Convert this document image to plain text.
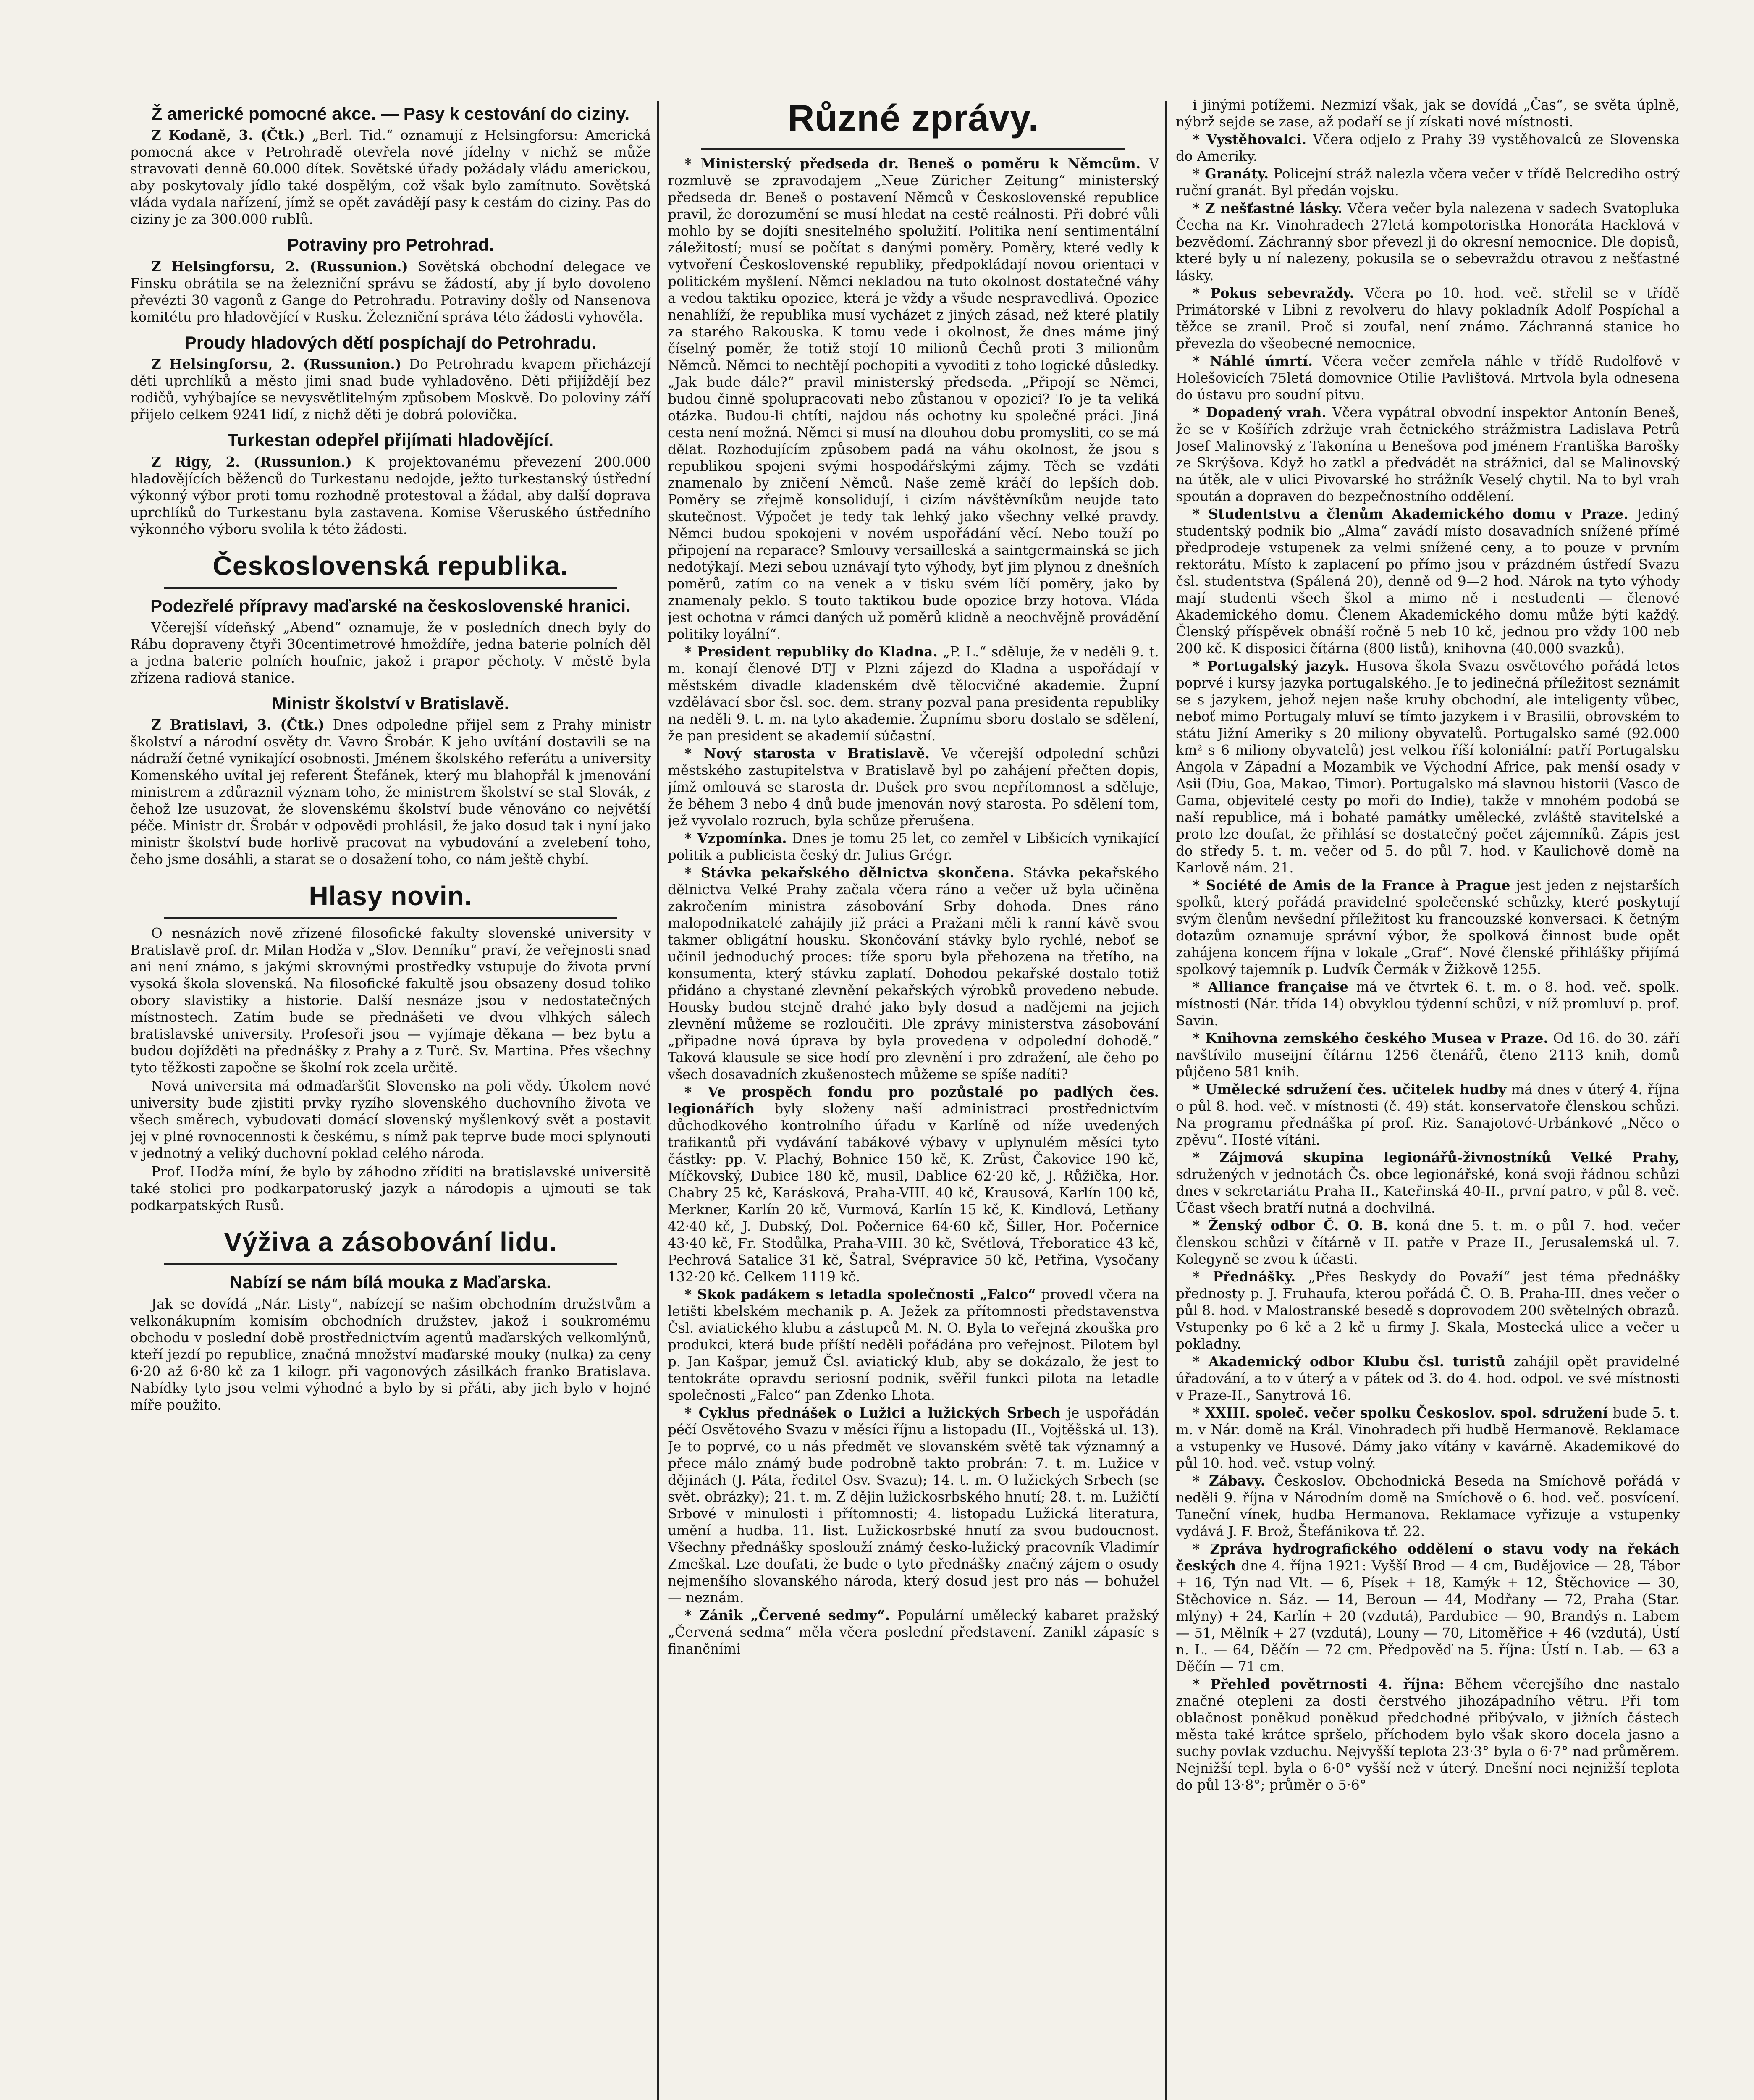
Ž americké pomocné akce. — Pasy k cestování do ciziny.

Z Kodaně, 3. (Čtk.) „Berl. Tid.“ oznamují z Helsingforsu: Americká pomocná akce v Petrohradě otevřela nové jídelny v nichž se může stravovati denně 60.000 dítek. Sovětské úřady požádaly vládu americkou, aby poskytovaly jídlo také dospělým, což však bylo zamítnuto. Sovětská vláda vydala nařízení, jímž se opět zavádějí pasy k cestám do ciziny. Pas do ciziny je za 300.000 rublů.

Potraviny pro Petrohrad.

Z Helsingforsu, 2. (Russunion.) Sovětská obchodní delegace ve Finsku obrátila se na železniční správu se žádostí, aby jí bylo dovoleno převézti 30 vagonů z Gange do Petrohradu. Potraviny došly od Nansenova komitétu pro hladovějící v Rusku. Železniční správa této žádosti vyhověla.

Proudy hladových dětí pospíchají do Petrohradu.

Z Helsingforsu, 2. (Russunion.) Do Petrohradu kvapem přicházejí děti uprchlíků a město jimi snad bude vyhladověno. Děti přijíždějí bez rodičů, vyhýbajíce se nevysvětlitelným způsobem Moskvě. Do poloviny září přijelo celkem 9241 lidí, z nichž děti je dobrá polovička.

Turkestan odepřel přijímati hladovějící.

Z Rigy, 2. (Russunion.) K projektovanému převezení 200.000 hladovějících běženců do Turkestanu nedojde, ježto turkestanský ústřední výkonný výbor proti tomu rozhodně protestoval a žádal, aby další doprava uprchlíků do Turkestanu byla zastavena. Komise Všeruského ústředního výkonného výboru svolila k této žádosti.

Československá republika.
Podezřelé přípravy maďarské na československé hranici.

Včerejší vídeňský „Abend“ oznamuje, že v posledních dnech byly do Rábu dopraveny čtyři 30centimetrové hmoždíře, jedna baterie polních děl a jedna baterie polních houfnic, jakož i prapor pěchoty. V městě byla zřízena radiová stanice.

Ministr školství v Bratislavě.

Z Bratislavi, 3. (Čtk.) Dnes odpoledne přijel sem z Prahy ministr školství a národní osvěty dr. Vavro Šrobár. K jeho uvítání dostavili se na nádraží četné vynikající osobnosti. Jménem školského referátu a university Komenského uvítal jej referent Štefánek, který mu blahopřál k jmenování ministrem a zdůraznil význam toho, že ministrem školství se stal Slovák, z čehož lze usuzovat, že slovenskému školství bude věnováno co největší péče. Ministr dr. Šrobár v odpovědi prohlásil, že jako dosud tak i nyní jako ministr školství bude horlivě pracovat na vybudování a zvelebení toho, čeho jsme dosáhli, a starat se o dosažení toho, co nám ještě chybí.

Hlasy novin.

O nesnázích nově zřízené filosofické fakulty slovenské university v Bratislavě prof. dr. Milan Hodža v „Slov. Denníku“ praví, že veřejnosti snad ani není známo, s jakými skrovnými prostředky vstupuje do života první vysoká škola slovenská. Na filosofické fakultě jsou obsazeny dosud toliko obory slavistiky a historie. Další nesnáze jsou v nedostatečných místnostech. Zatím bude se přednášeti ve dvou vlhkých sálech bratislavské university. Profesoři jsou — vyjímaje děkana — bez bytu a budou dojížděti na přednášky z Prahy a z Turč. Sv. Martina. Přes všechny tyto těžkosti započne se školní rok zcela určitě.

Nová universita má odmaďaršťit Slovensko na poli vědy. Úkolem nové university bude zjistiti prvky ryzího slovenského duchovního života ve všech směrech, vybudovati domácí slovenský myšlenkový svět a postavit jej v plné rovnocennosti k českému, s nímž pak teprve bude moci splynouti v jednotný a veliký duchovní poklad celého národa.

Prof. Hodža míní, že bylo by záhodno zříditi na bratislavské universitě také stolici pro podkarpatoruský jazyk a národopis a ujmouti se tak podkarpatských Rusů.

Výživa a zásobování lidu.
Nabízí se nám bílá mouka z Maďarska.

Jak se dovídá „Nár. Listy“, nabízejí se našim obchodním družstvům a velkonákupním komisím obchodních družstev, jakož i soukromému obchodu v poslední době prostřednictvím agentů maďarských velkomlýnů, kteří jezdí po republice, značná množství maďarské mouky (nulka) za ceny 6·20 až 6·80 kč za 1 kilogr. při vagonových zásilkách franko Bratislava. Nabídky tyto jsou velmi výhodné a bylo by si přáti, aby jich bylo v hojné míře použito.

Různé zprávy.

* Ministerský předseda dr. Beneš o poměru k Němcům. V rozmluvě se zpravodajem „Neue Züricher Zeitung“ ministerský předseda dr. Beneš o postavení Němců v Československé republice pravil, že dorozumění se musí hledat na cestě reálnosti. Při dobré vůli mohlo by se dojíti snesitelného spolužití. Politika není sentimentální záležitostí; musí se počítat s danými poměry. Poměry, které vedly k vytvoření Československé republiky, předpokládají novou orientaci v politickém myšlení. Němci nekladou na tuto okolnost dostatečné váhy a vedou taktiku opozice, která je vždy a všude nespravedlivá. Opozice nenahlíží, že republika musí vycházet z jiných zásad, než které platily za starého Rakouska. K tomu vede i okolnost, že dnes máme jiný číselný poměr, že totiž stojí 10 milionů Čechů proti 3 milionům Němců. Němci to nechtějí pochopiti a vyvoditi z toho logické důsledky. „Jak bude dále?“ pravil ministerský předseda. „Připojí se Němci, budou činně spolupracovati nebo zůstanou v opozici? To je ta veliká otázka. Budou-li chtíti, najdou nás ochotny ku společné práci. Jiná cesta není možná. Němci si musí na dlouhou dobu promysliti, co se má dělat. Rozhodujícím způsobem padá na váhu okolnost, že jsou s republikou spojeni svými hospodářskými zájmy. Těch se vzdáti znamenalo by zničení Němců. Naše země kráčí do lepších dob. Poměry se zřejmě konsolidují, i cizím návštěvníkům neujde tato skutečnost. Výpočet je tedy tak lehký jako všechny velké pravdy. Němci budou spokojeni v novém uspořádání věcí. Nebo touží po připojení na reparace? Smlouvy versailleská a saintgermainská se jich nedotýkají. Mezi sebou uznávají tyto výhody, byť jim plynou z dnešních poměrů, zatím co na venek a v tisku svém líčí poměry, jako by znamenaly peklo. S touto taktikou bude opozice brzy hotova. Vláda jest ochotna v rámci daných už poměrů klidně a neochvějně provádění politiky loyální“.

* President republiky do Kladna. „P. L.“ sděluje, že v neděli 9. t. m. konají členové DTJ v Plzni zájezd do Kladna a uspořádají v městském divadle kladenském dvě tělocvičné akademie. Župní vzdělávací sbor čsl. soc. dem. strany pozval pana presidenta republiky na neděli 9. t. m. na tyto akademie. Župnímu sboru dostalo se sdělení, že pan president se akademií súčastní.

* Nový starosta v Bratislavě. Ve včerejší odpolední schůzi městského zastupitelstva v Bratislavě byl po zahájení přečten dopis, jímž omlouvá se starosta dr. Dušek pro svou nepřítomnost a sděluje, že během 3 nebo 4 dnů bude jmenován nový starosta. Po sdělení tom, jež vyvolalo rozruch, byla schůze přerušena.

* Vzpomínka. Dnes je tomu 25 let, co zemřel v Libšicích vynikající politik a publicista český dr. Julius Grégr.

* Stávka pekařského dělnictva skončena. Stávka pekařského dělnictva Velké Prahy začala včera ráno a večer už byla učiněna zakročením ministra zásobování Srby dohoda. Dnes ráno malopodnikatelé zahájily již práci a Pražani měli k ranní kávě svou takmer obligátní housku. Skončování stávky bylo rychlé, neboť se učinil jednoduchý proces: tíže sporu byla přehozena na třetího, na konsumenta, který stávku zaplatí. Dohodou pekařské dostalo totiž přidáno a chystané zlevnění pekařských výrobků provedeno nebude. Housky budou stejně drahé jako byly dosud a nadějemi na jejich zlevnění můžeme se rozloučiti. Dle zprávy ministerstva zásobování „připadne nová úprava by byla provedena v odpolední dohodě.“ Taková klausule se sice hodí pro zlevnění i pro zdražení, ale čeho po všech dosavadních zkušenostech můžeme se spíše nadíti?

* Ve prospěch fondu pro pozůstalé po padlých čes. legionářích byly složeny naší administraci prostřednictvím důchodkového kontrolního úřadu v Karlíně od níže uvedených trafikantů při vydávání tabákové výbavy v uplynulém měsíci tyto částky: pp. V. Plachý, Bohnice 150 kč, K. Zrůst, Čakovice 190 kč, Míčkovský, Dubice 180 kč, musil, Dablice 62·20 kč, J. Růžička, Hor. Chabry 25 kč, Karásková, Praha-VIII. 40 kč, Krausová, Karlín 100 kč, Merkner, Karlín 20 kč, Vurmová, Karlín 15 kč, K. Kindlová, Letňany 42·40 kč, J. Dubský, Dol. Počernice 64·60 kč, Šiller, Hor. Počernice 43·40 kč, Fr. Stodůlka, Praha-VIII. 30 kč, Světlová, Třeboratice 43 kč, Pechrová Satalice 31 kč, Šatral, Svépravice 50 kč, Petřina, Vysočany 132·20 kč. Celkem 1119 kč.

* Skok padákem s letadla společnosti „Falco“ provedl včera na letišti kbelském mechanik p. A. Ježek za přítomnosti představenstva Čsl. aviatického klubu a zástupců M. N. O. Byla to veřejná zkouška pro produkci, která bude příští neděli pořádána pro veřejnost. Pilotem byl p. Jan Kašpar, jemuž Čsl. aviatický klub, aby se dokázalo, že jest to tentokráte opravdu seriosní podnik, svěřil funkci pilota na letadle společnosti „Falco“ pan Zdenko Lhota.

* Cyklus přednášek o Lužici a lužických Srbech je uspořádán péčí Osvětového Svazu v měsíci říjnu a listopadu (II., Vojtěšská ul. 13). Je to poprvé, co u nás předmět ve slovanském světě tak významný a přece málo známý bude podrobně takto probrán: 7. t. m. Lužice v dějinách (J. Páta, ředitel Osv. Svazu); 14. t. m. O lužických Srbech (se svět. obrázky); 21. t. m. Z dějin lužickosrbského hnutí; 28. t. m. Lužičtí Srbové v minulosti i přítomnosti; 4. listopadu Lužická literatura, umění a hudba. 11. list. Lužickosrbské hnutí za svou budoucnost. Všechny přednášky sposlouží známý česko-lužický pracovník Vladimír Zmeškal. Lze doufati, že bude o tyto přednášky značný zájem o osudy nejmenšího slovanského národa, který dosud jest pro nás — bohužel — neznám.

* Zánik „Červené sedmy“. Populární umělecký kabaret pražský „Červená sedma“ měla včera poslední představení. Zanikl zápasíc s finančními

i jinými potížemi. Nezmizí však, jak se dovídá „Čas“, se světa úplně, nýbrž sejde se zase, až podaří se jí získati nové místnosti.

* Vystěhovalci. Včera odjelo z Prahy 39 vystěhovalců ze Slovenska do Ameriky.

* Granáty. Policejní stráž nalezla včera večer v třídě Belcrediho ostrý ruční granát. Byl předán vojsku.

* Z nešťastné lásky. Včera večer byla nalezena v sadech Svatopluka Čecha na Kr. Vinohradech 27letá kompotoristka Honoráta Hacklová v bezvědomí. Záchranný sbor převezl ji do okresní nemocnice. Dle dopisů, které byly u ní nalezeny, pokusila se o sebevraždu otravou z nešťastné lásky.

* Pokus sebevraždy. Včera po 10. hod. več. střelil se v třídě Primátorské v Libni z revolveru do hlavy pokladník Adolf Pospíchal a těžce se zranil. Proč si zoufal, není známo. Záchranná stanice ho převezla do všeobecné nemocnice.

* Náhlé úmrtí. Včera večer zemřela náhle v třídě Rudolfově v Holešovicích 75letá domovnice Otilie Pavlištová. Mrtvola byla odnesena do ústavu pro soudní pitvu.

* Dopadený vrah. Včera vypátral obvodní inspektor Antonín Beneš, že se v Košířích zdržuje vrah četnického strážmistra Ladislava Petrů Josef Malinovský z Takonína u Benešova pod jménem Františka Barošky ze Skrýšova. Když ho zatkl a předvádět na strážnici, dal se Malinovský na útěk, ale v ulici Pivovarské ho strážník Veselý chytil. Na to byl vrah spoután a dopraven do bezpečnostního oddělení.

* Studentstvu a členům Akademického domu v Praze. Jediný studentský podnik bio „Alma“ zavádí místo dosavadních snížené přímé předprodeje vstupenek za velmi snížené ceny, a to pouze v prvním rektorátu. Místo k zaplacení po přímo jsou v prázdném ústředí Svazu čsl. studentstva (Spálená 20), denně od 9—2 hod. Nárok na tyto výhody mají studenti všech škol a mimo ně i nestudenti — členové Akademického domu. Členem Akademického domu může býti každý. Členský příspěvek obnáší ročně 5 neb 10 kč, jednou pro vždy 100 neb 200 kč. K disposici čítárna (800 listů), knihovna (40.000 svazků).

* Portugalský jazyk. Husova škola Svazu osvětového pořádá letos poprvé i kursy jazyka portugalského. Je to jedinečná příležitost seznámit se s jazykem, jehož nejen naše kruhy obchodní, ale inteligenty vůbec, neboť mimo Portugaly mluví se tímto jazykem i v Brasilii, obrovském to státu Jižní Ameriky s 20 miliony obyvatelů. Portugalsko samé (92.000 km² s 6 miliony obyvatelů) jest velkou říší koloniální: patří Portugalsku Angola v Západní a Mozambik ve Východní Africe, pak menší osady v Asii (Diu, Goa, Makao, Timor). Portugalsko má slavnou historii (Vasco de Gama, objevitelé cesty po moři do Indie), takže v mnohém podobá se naší republice, má i bohaté památky umělecké, zvláště stavitelské a proto lze doufat, že přihlásí se dostatečný počet zájemníků. Zápis jest do středy 5. t. m. večer od 5. do půl 7. hod. v Kaulichově domě na Karlově nám. 21.

* Société de Amis de la France à Prague jest jeden z nejstarších spolků, který pořádá pravidelné společenské schůzky, které poskytují svým členům nevšední příležitost ku francouzské konversaci. K četným dotazům oznamuje správní výbor, že spolková činnost bude opět zahájena koncem října v lokale „Graf“. Nové členské přihlášky přijímá spolkový tajemník p. Ludvík Čermák v Žižkově 1255.

* Alliance française má ve čtvrtek 6. t. m. o 8. hod. več. spolk. místnosti (Nár. třída 14) obvyklou týdenní schůzi, v níž promluví p. prof. Savin.

* Knihovna zemského českého Musea v Praze. Od 16. do 30. září navštívilo museijní čítárnu 1256 čtenářů, čteno 2113 knih, domů půjčeno 581 knih.

* Umělecké sdružení čes. učitelek hudby má dnes v úterý 4. října o půl 8. hod. več. v místnosti (č. 49) stát. konservatoře členskou schůzi. Na programu přednáška pí prof. Riz. Sanajotové-Urbánkové „Něco o zpěvu“. Hosté vítáni.

* Zájmová skupina legionářů-živnostníků Velké Prahy, sdružených v jednotách Čs. obce legionářské, koná svoji řádnou schůzi dnes v sekretariátu Praha II., Kateřinská 40-II., první patro, v půl 8. več. Účast všech bratří nutná a dochvilná.

* Ženský odbor Č. O. B. koná dne 5. t. m. o půl 7. hod. večer členskou schůzi v čítárně v II. patře v Praze II., Jerusalemská ul. 7. Kolegyně se zvou k účasti.

* Přednášky. „Přes Beskydy do Považí“ jest téma přednášky přednosty p. J. Fruhaufa, kterou pořádá Č. O. B. Praha-III. dnes večer o půl 8. hod. v Malostranské besedě s doprovodem 200 světelných obrazů. Vstupenky po 6 kč a 2 kč u firmy J. Skala, Mostecká ulice a večer u pokladny.

* Akademický odbor Klubu čsl. turistů zahájil opět pravidelné úřadování, a to v úterý a v pátek od 3. do 4. hod. odpol. ve své místnosti v Praze-II., Sanytrová 16.

* XXIII. společ. večer spolku Českoslov. spol. sdružení bude 5. t. m. v Nár. domě na Král. Vinohradech při hudbě Hermanově. Reklamace a vstupenky ve Husové. Dámy jako vítány v kavárně. Akademikové do půl 10. hod. več. vstup volný.

* Zábavy. Českoslov. Obchodnická Beseda na Smíchově pořádá v neděli 9. října v Národním domě na Smíchově o 6. hod. več. posvícení. Taneční vínek, hudba Hermanova. Reklamace vyřizuje a vstupenky vydává J. F. Brož, Štefánikova tř. 22.

* Zpráva hydrografického oddělení o stavu vody na řekách českých dne 4. října 1921: Vyšší Brod — 4 cm, Budějovice — 28, Tábor + 16, Týn nad Vlt. — 6, Písek + 18, Kamýk + 12, Štěchovice — 30, Stěchovice n. Sáz. — 14, Beroun — 44, Modřany — 72, Praha (Star. mlýny) + 24, Karlín + 20 (vzdutá), Pardubice — 90, Brandýs n. Labem — 51, Mělník + 27 (vzdutá), Louny — 70, Litoměřice + 46 (vzdutá), Ústí n. L. — 64, Děčín — 72 cm. Předpověď na 5. října: Ústí n. Lab. — 63 a Děčín — 71 cm.

* Přehled povětrnosti 4. října: Během včerejšího dne nastalo značné otepleni za dosti čerstvého jihozápadního větru. Při tom oblačnost poněkud poněkud předchodné přibývalo, v jižních částech města také krátce spršelo, příchodem bylo však skoro docela jasno a suchy povlak vzduchu. Nejvyšší teplota 23·3° byla o 6·7° nad průměrem. Nejnižší tepl. byla o 6·0° vyšší než v úterý. Dnešní noci nejnižší teplota do půl 13·8°; průměr o 5·6°
